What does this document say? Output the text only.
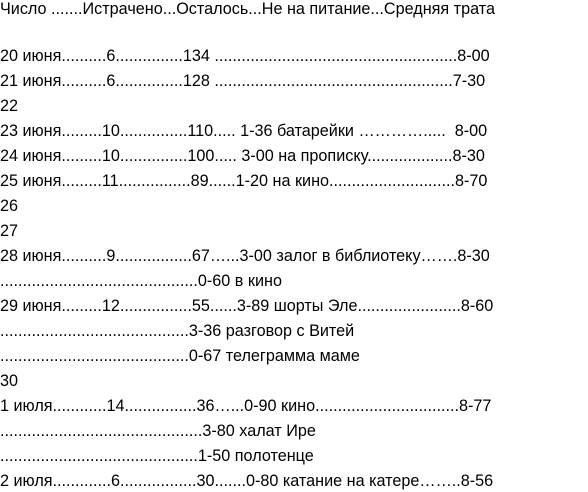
Число .......Истрачено...Осталось...Не на питание...Средняя трата
20 июня..........6...............134 ......................................................8-00
21 июня..........6...............128 .....................................................7-30
22
23 июня.........10...............110..... 1-36 батарейки ………….....  8-00
24 июня.........10...............100..... 3-00 на прописку...................8-30
25 июня.........11................89......1-20 на кино............................8-70
26
27
28 июня..........9.................67…...3-00 залог в библиотеку…….8-30
............................................0-60 в кино
29 июня.........12................55......3-89 шорты Эле.......................8-60
..........................................3-36 разговор с Витей
..........................................0-67 телеграмма маме
30
1 июля............14................36…...0-90 кино................................8-77
.............................................3-80 халат Ире
............................................1-50 полотенце
2 июля.............6.................30.......0-80 катание на катере……..8-56
